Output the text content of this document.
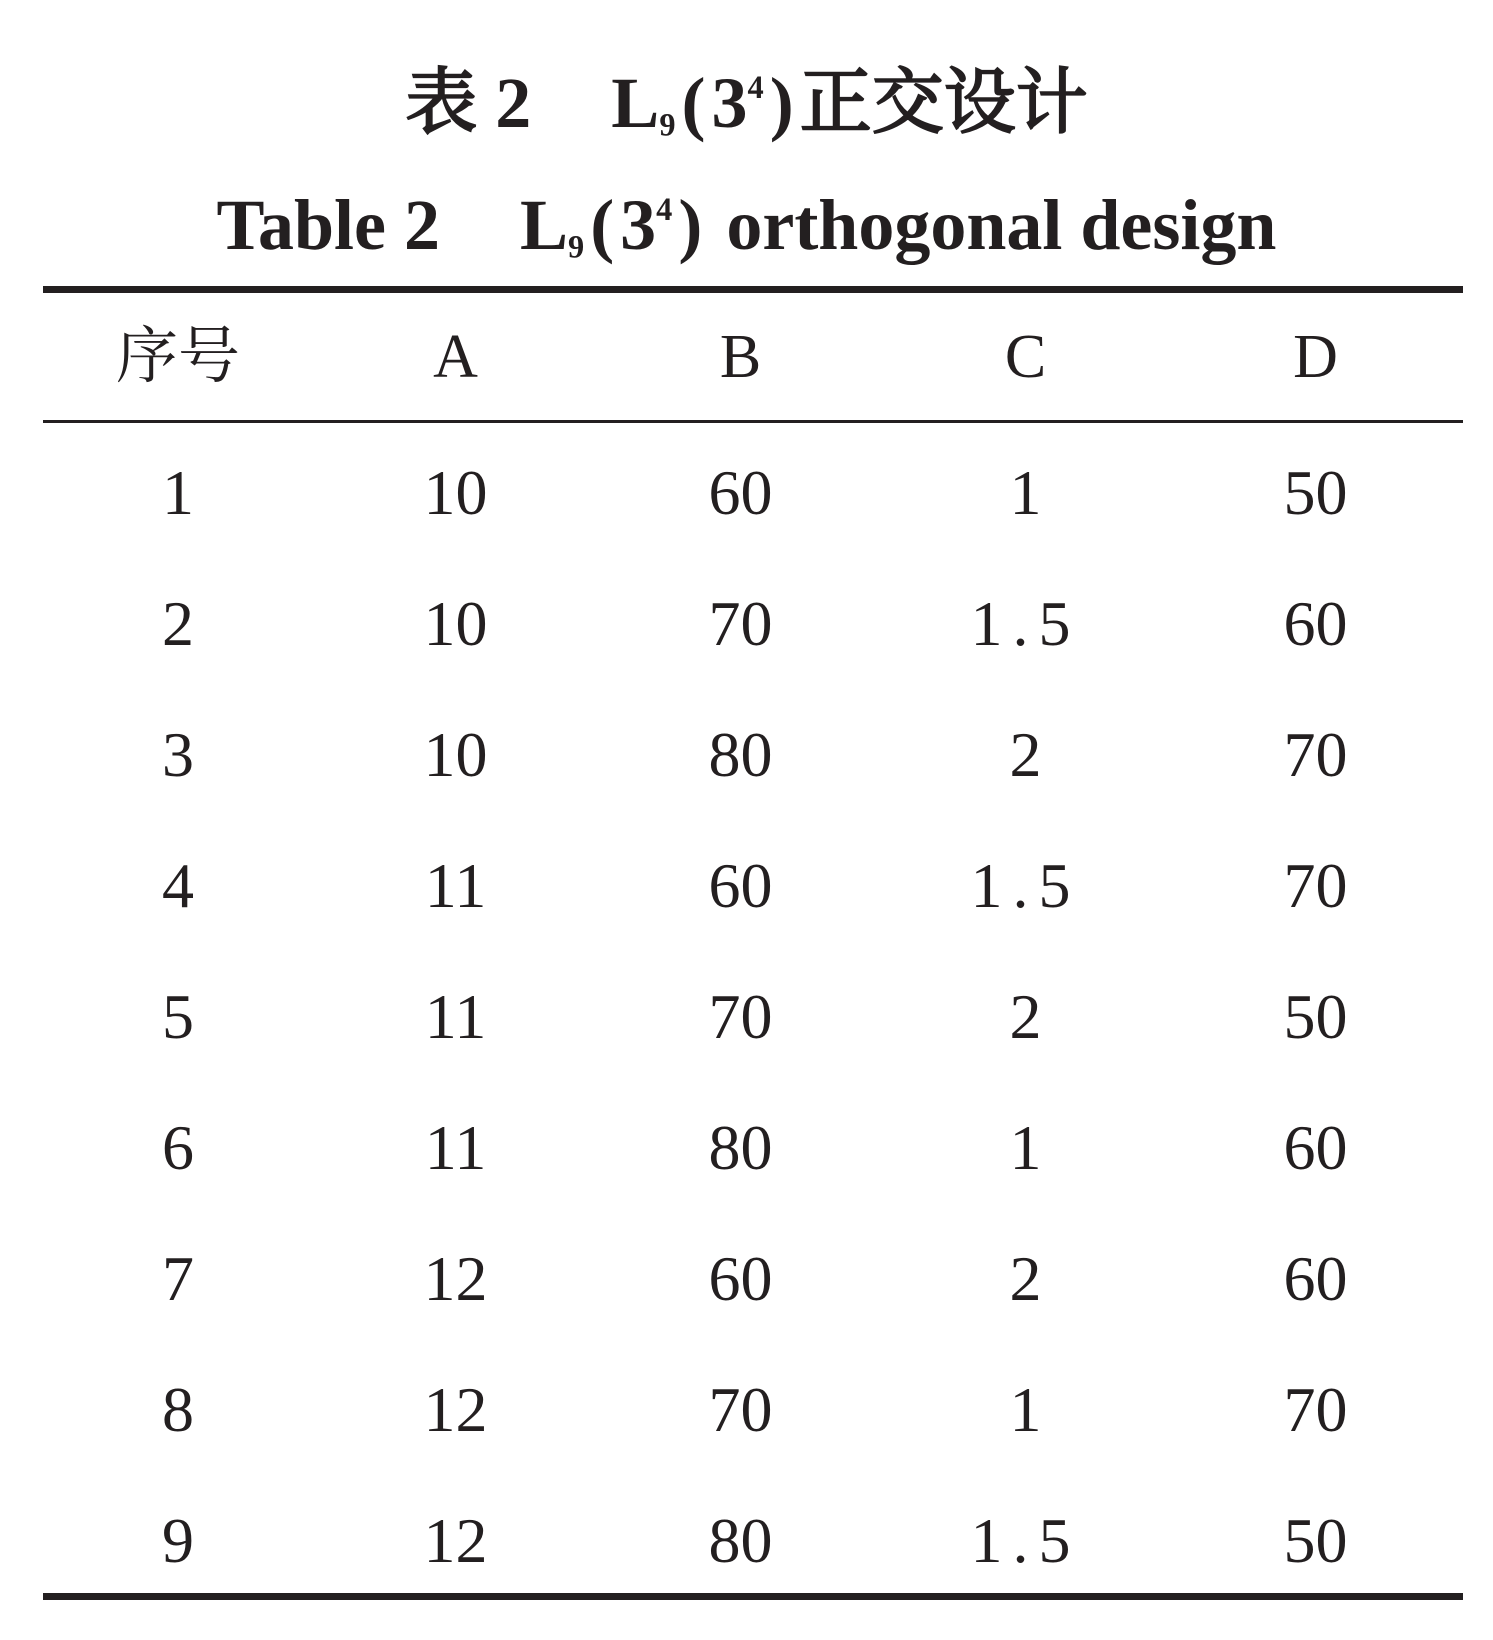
表 2 $L_9(3^4)$正交设计
Table 2 $L_9(3^4)$ orthogonal design
序号	A	B	C	D
1	10	60	1	50
2	10	70	1.5	60
3	10	80	2	70
4	11	60	1.5	70
5	11	70	2	50
6	11	80	1	60
7	12	60	2	60
8	12	70	1	70
9	12	80	1.5	50
